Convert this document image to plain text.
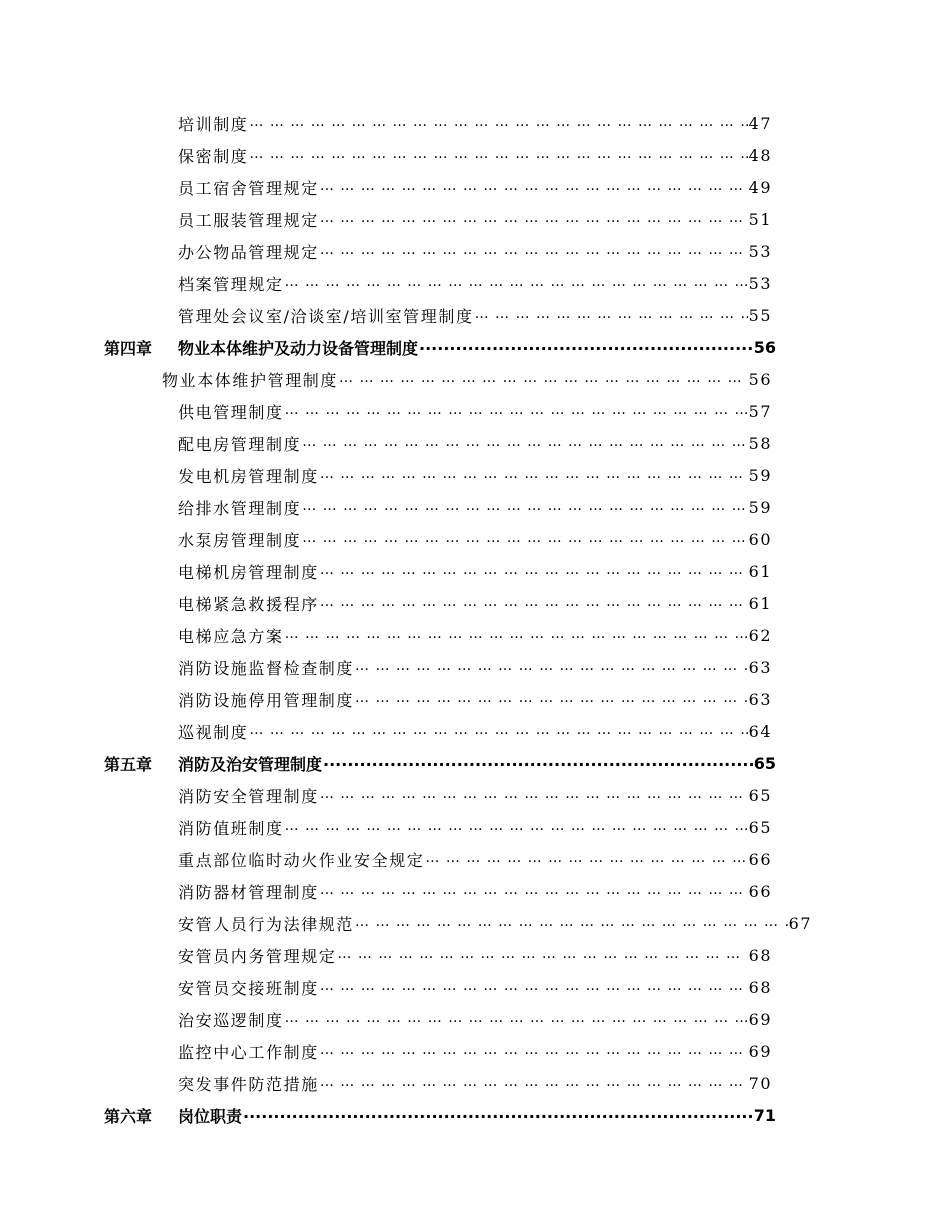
培训制度 … … … … … … … … … … … … … … … … … … … … … … … … … … … … … … … … … … … … … … … … … … … … … … … … … … … … … … … … …	47
保密制度 … … … … … … … … … … … … … … … … … … … … … … … … … … … … … … … … … … … … … … … … … … … … … … … … … … … … … … … … …	48
员工宿舍管理规定 … … … … … … … … … … … … … … … … … … … … … … … … … … … … … … … … … … … … … … … … … … … … … … … … … … … … … … … … …	49
员工服装管理规定 … … … … … … … … … … … … … … … … … … … … … … … … … … … … … … … … … … … … … … … … … … … … … … … … … … … … … … … … …	51
办公物品管理规定 … … … … … … … … … … … … … … … … … … … … … … … … … … … … … … … … … … … … … … … … … … … … … … … … … … … … … … … … …	53
档案管理规定 … … … … … … … … … … … … … … … … … … … … … … … … … … … … … … … … … … … … … … … … … … … … … … … … … … … … … … … … …	53
管理处会议室/洽谈室/培训室管理制度 … … … … … … … … … … … … … … … … … … … … … … … … … … … … … … … … … … … … … … … … … … … … … … … … … … … … … … … … …	55
第四章	物业本体维护及动力设备管理制度 ·····	56
物业本体维护管理制度 … … … … … … … … … … … … … … … … … … … … … … … … … … … … … … … … … … … … … … … … … … … … … … … … … … … … … … … … …	56
供电管理制度 … … … … … … … … … … … … … … … … … … … … … … … … … … … … … … … … … … … … … … … … … … … … … … … … … … … … … … … … …	57
配电房管理制度 … … … … … … … … … … … … … … … … … … … … … … … … … … … … … … … … … … … … … … … … … … … … … … … … … … … … … … … … …	58
发电机房管理制度 … … … … … … … … … … … … … … … … … … … … … … … … … … … … … … … … … … … … … … … … … … … … … … … … … … … … … … … … …	59
给排水管理制度 … … … … … … … … … … … … … … … … … … … … … … … … … … … … … … … … … … … … … … … … … … … … … … … … … … … … … … … … …	59
水泵房管理制度 … … … … … … … … … … … … … … … … … … … … … … … … … … … … … … … … … … … … … … … … … … … … … … … … … … … … … … … … …	60
电梯机房管理制度 … … … … … … … … … … … … … … … … … … … … … … … … … … … … … … … … … … … … … … … … … … … … … … … … … … … … … … … … …	61
电梯紧急救援程序 … … … … … … … … … … … … … … … … … … … … … … … … … … … … … … … … … … … … … … … … … … … … … … … … … … … … … … … … …	61
电梯应急方案 … … … … … … … … … … … … … … … … … … … … … … … … … … … … … … … … … … … … … … … … … … … … … … … … … … … … … … … … …	62
消防设施监督检查制度 … … … … … … … … … … … … … … … … … … … … … … … … … … … … … … … … … … … … … … … … … … … … … … … … … … … … … … … … …	63
消防设施停用管理制度 … … … … … … … … … … … … … … … … … … … … … … … … … … … … … … … … … … … … … … … … … … … … … … … … … … … … … … … … …	63
巡视制度 … … … … … … … … … … … … … … … … … … … … … … … … … … … … … … … … … … … … … … … … … … … … … … … … … … … … … … … … …	64
第五章	消防及治安管理制度 ·····	65
消防安全管理制度 … … … … … … … … … … … … … … … … … … … … … … … … … … … … … … … … … … … … … … … … … … … … … … … … … … … … … … … … …	65
消防值班制度 … … … … … … … … … … … … … … … … … … … … … … … … … … … … … … … … … … … … … … … … … … … … … … … … … … … … … … … … …	65
重点部位临时动火作业安全规定 … … … … … … … … … … … … … … … … … … … … … … … … … … … … … … … … … … … … … … … … … … … … … … … … … … … … … … … … …	66
消防器材管理制度 … … … … … … … … … … … … … … … … … … … … … … … … … … … … … … … … … … … … … … … … … … … … … … … … … … … … … … … … …	66
安管人员行为法律规范 … … … … … … … … … … … … … … … … … … … … … … … … … … … … … … … … … … … … … … … … … … … … … … … … … … … … … … … … …	67
安管员内务管理规定 … … … … … … … … … … … … … … … … … … … … … … … … … … … … … … … … … … … … … … … … … … … … … … … … … … … … … … … … …	68
安管员交接班制度 … … … … … … … … … … … … … … … … … … … … … … … … … … … … … … … … … … … … … … … … … … … … … … … … … … … … … … … … …	68
治安巡逻制度 … … … … … … … … … … … … … … … … … … … … … … … … … … … … … … … … … … … … … … … … … … … … … … … … … … … … … … … … …	69
监控中心工作制度 … … … … … … … … … … … … … … … … … … … … … … … … … … … … … … … … … … … … … … … … … … … … … … … … … … … … … … … … …	69
突发事件防范措施 … … … … … … … … … … … … … … … … … … … … … … … … … … … … … … … … … … … … … … … … … … … … … … … … … … … … … … … … …	70
第六章	岗位职责 ·····	71
